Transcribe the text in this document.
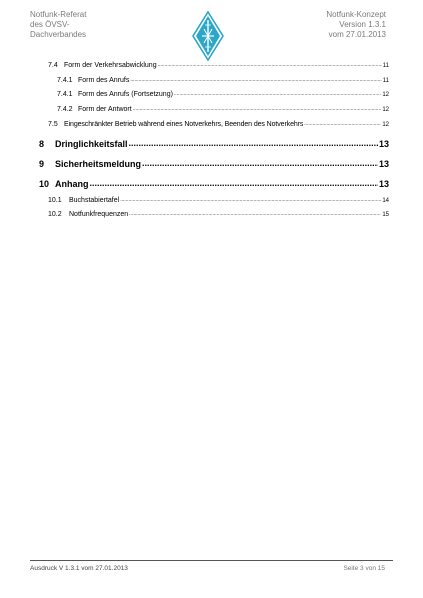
Notfunk-Referat
des ÖVSV-
Dachverbandes
Notfunk-Konzept
Version 1.3.1
vom 27.01.2013
7.4 Form der Verkehrsabwicklung .....	11
7.4.1 Form des Anrufs .....	11
7.4.1 Form des Anrufs (Fortsetzung) .....	12
7.4.2 Form der Antwort .....	12
7.5 Eingeschränkter Betrieb während eines Notverkehrs, Beenden des Notverkehrs .....	12
8	Dringlichkeitsfall .....	13
9	Sicherheitsmeldung .....	13
10 Anhang .....	13
10.1	Buchstabiertafel .....	14
10.2	Notfunkfrequenzen .....	15
Ausdruck V 1.3.1 vom 27.01.2013	Seite 3 von 15
